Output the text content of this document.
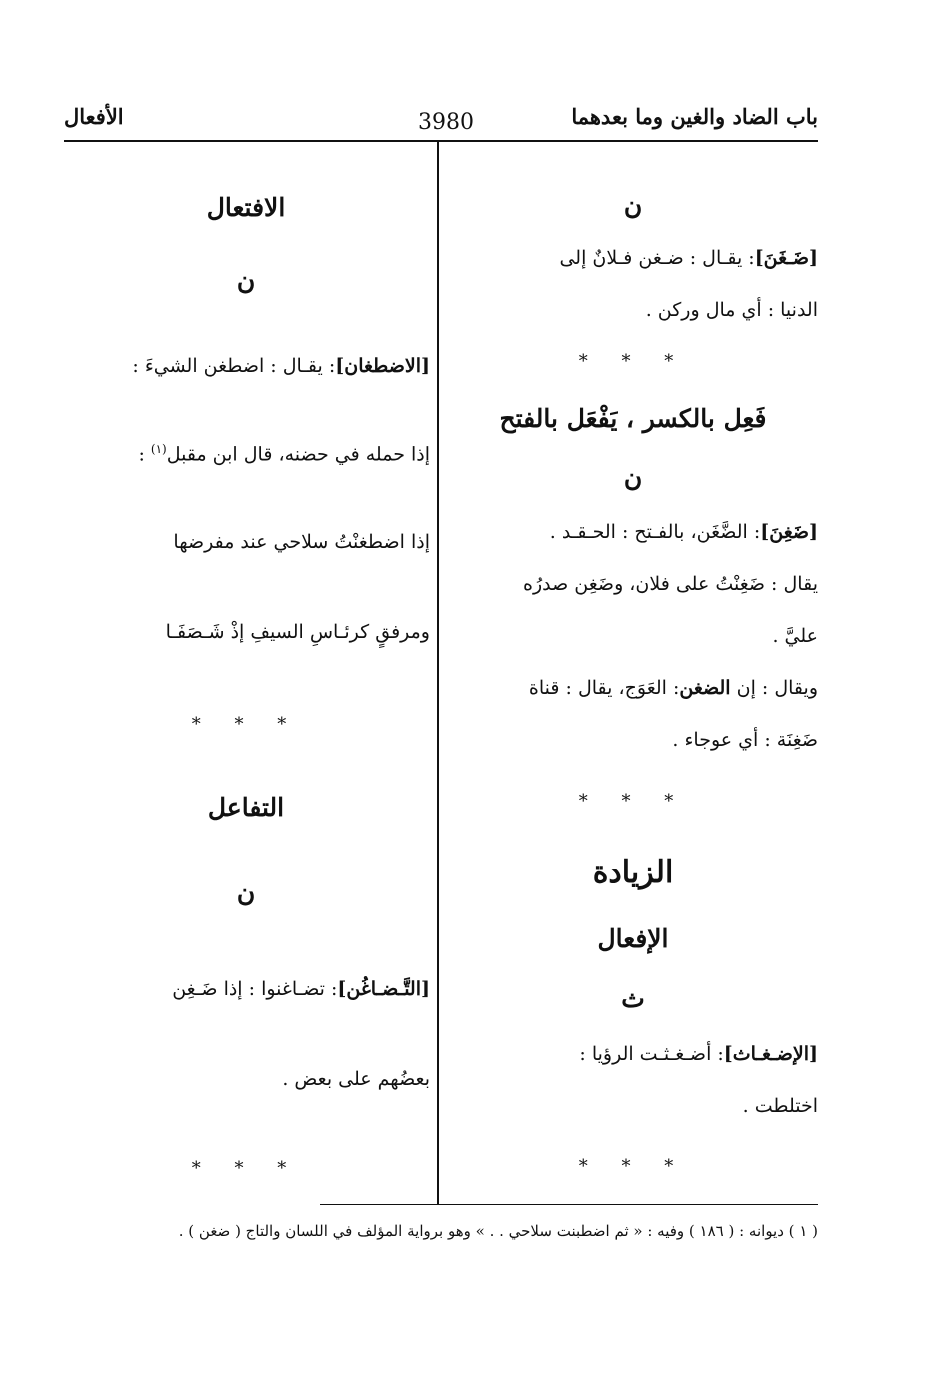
باب الضاد والغين وما بعدهما
3980
الأفعال
ن
[ضَـغَنَ]: يقـال : ضـغن فـلانٌ إلى
الدنيا : أي مال وركن .
* * *
فَعِل بالكسر ، يَفْعَل بالفتح
ن
[ضَغِنَ]: الضَّغَن، بالفـتح : الحـقـد .
يقال : ضَغِنْتُ على فلان، وضَغِن صدرُه
عليَّ .
ويقال : إن الضغن: العَوَج، يقال : قناة
ضَغِنَة : أي عوجاء .
* * *
الزيادة
الإفعال
ث
[الإضـغـاث]: أضـغـثـت الرؤيا :
اختلطت .
* * *
الافتعال
ن
[الاضطغان]: يقـال : اضطغن الشيءَ :
إذا حمله في حضنه، قال ابن مقبل$^{(١)}$ :
إذا اضطغنْتُ سلاحي عند مفرضها
ومرفقٍ كرئـاسِ السيفِ إذْ شَـصَفَـا
* * *
التفاعل
ن
[التَّـضـاغُن]: تضـاغنوا : إذا ضَـغِن
بعضُهم على بعض .
* * *
( ١ ) ديوانه : ( ١٨٦ ) وفيه : « ثم اضطبنت سلاحي . . » وهو برواية المؤلف في اللسان والتاج ( ضغن ) .
